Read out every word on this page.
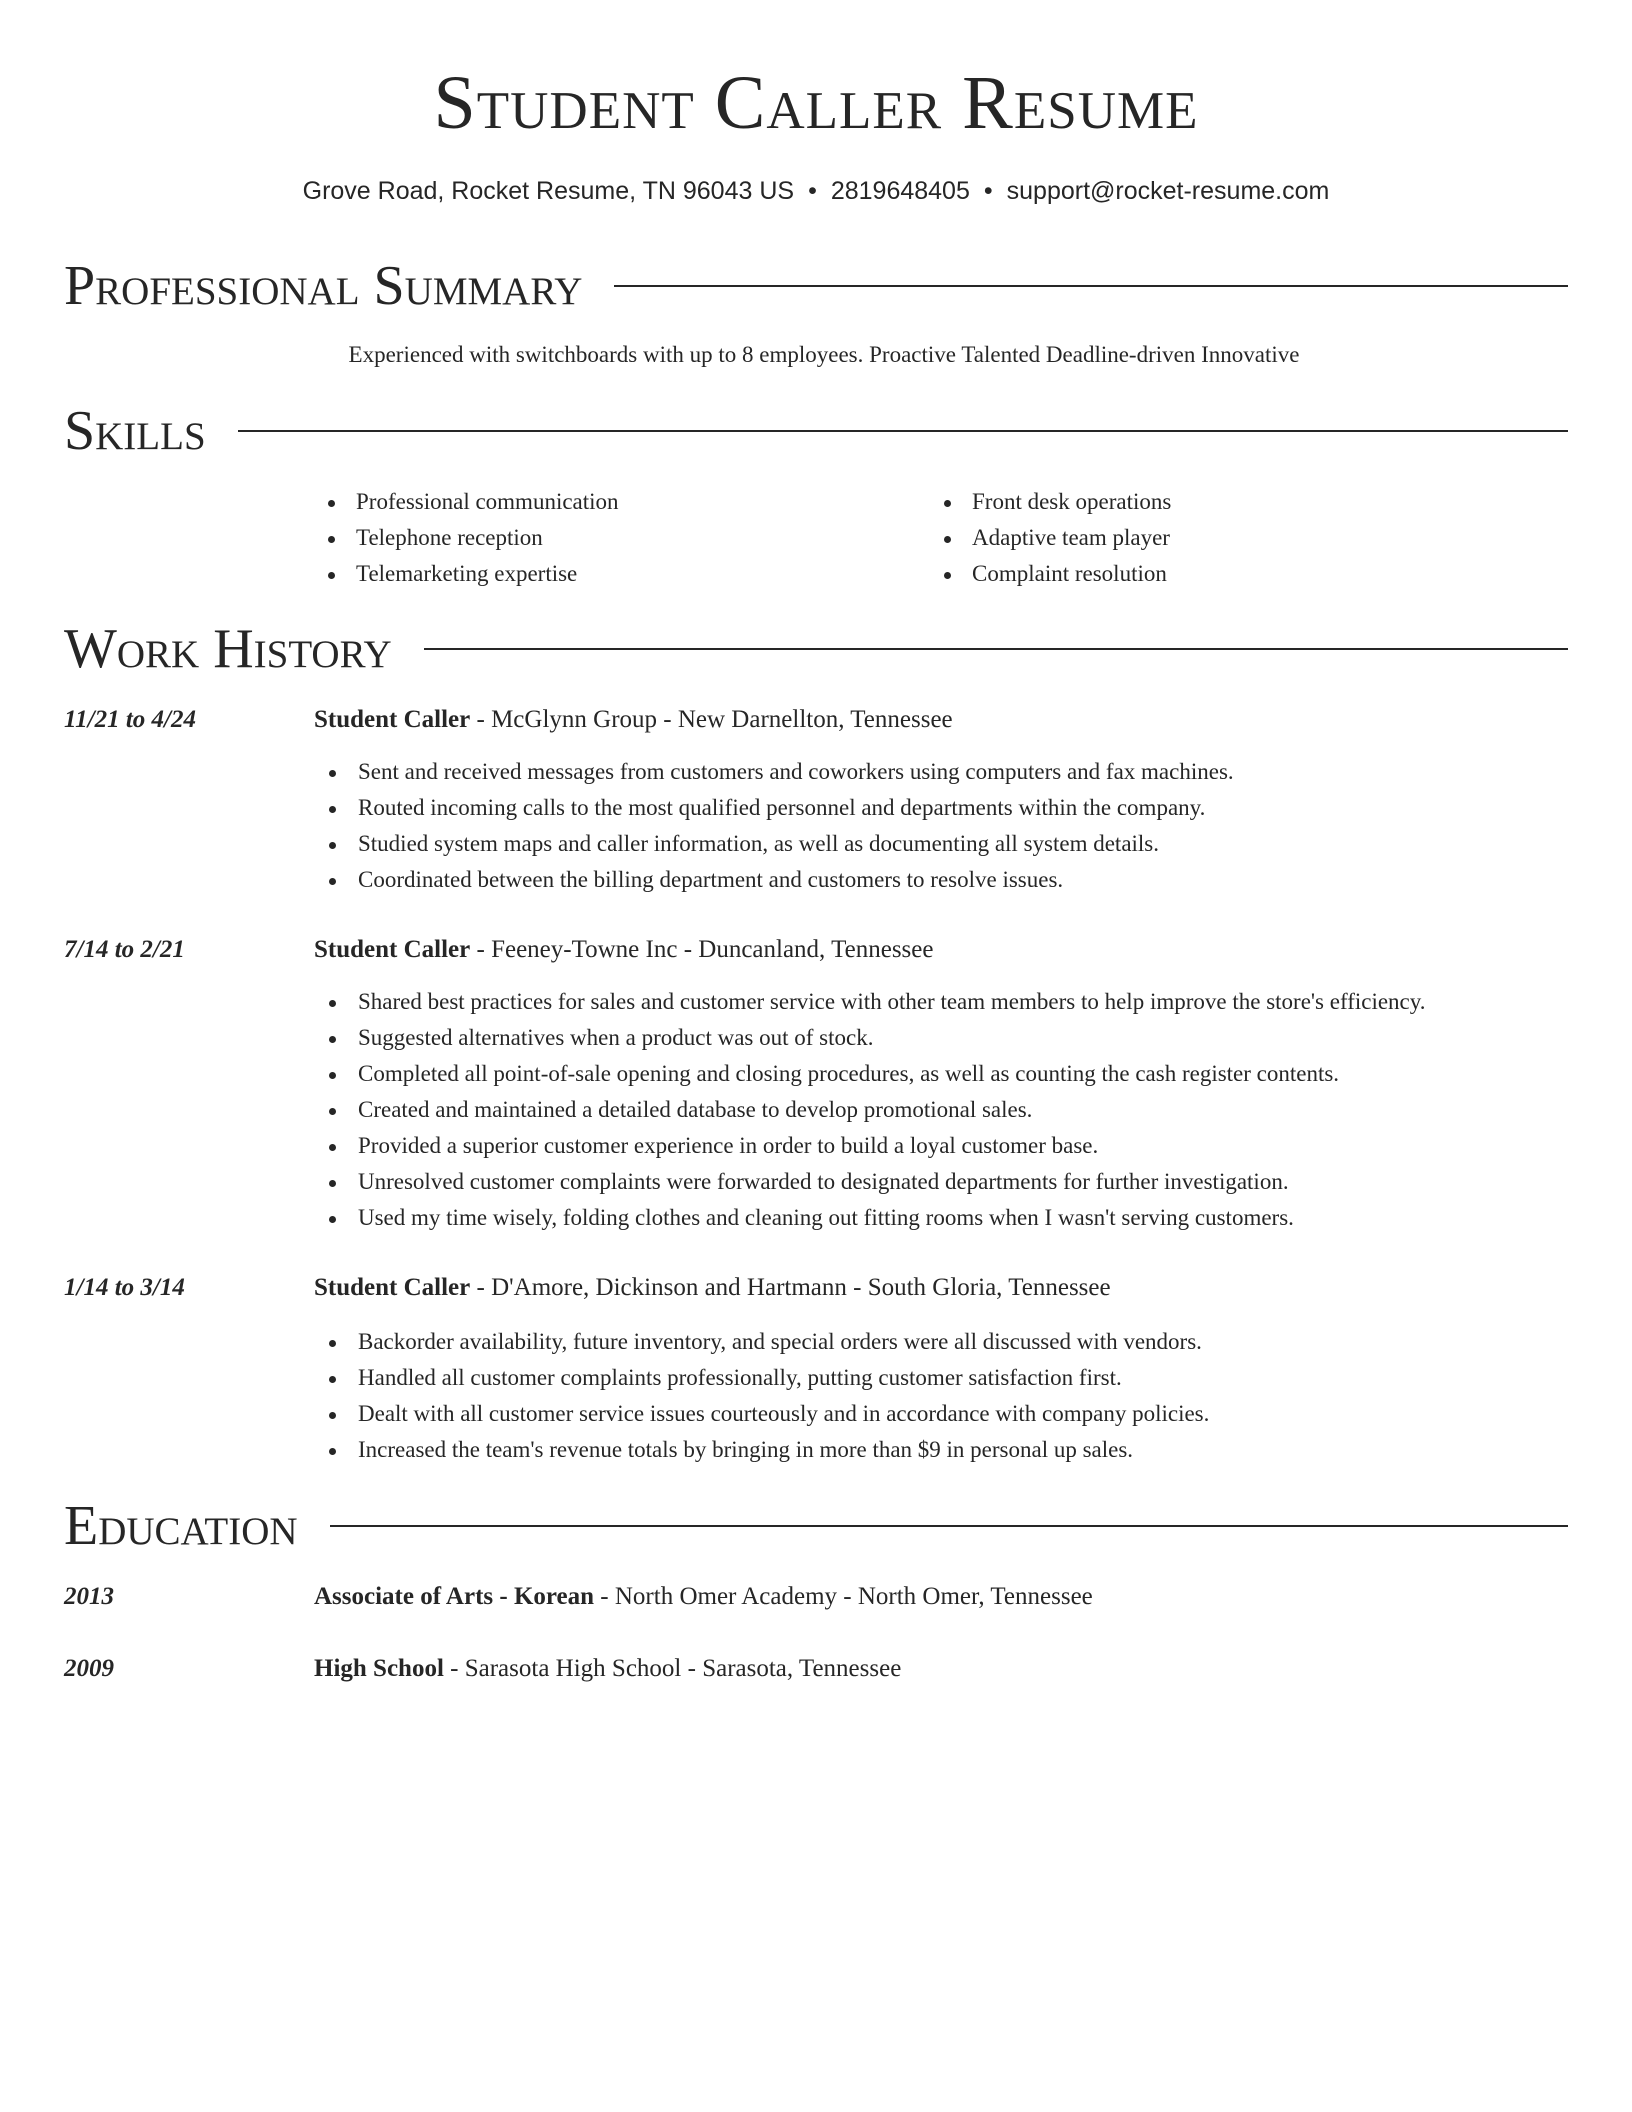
Student Caller Resume
Grove Road, Rocket Resume, TN 96043 US • 2819648405 • support@rocket-resume.com
Professional Summary

Experienced with switchboards with up to 8 employees. Proactive Talented Deadline-driven Innovative

Skills
Professional communication
Telephone reception
Telemarketing expertise
Front desk operations
Adaptive team player
Complaint resolution
Work History
11/21 to 4/24	Student Caller - McGlynn Group - New Darnellton, Tennessee
Sent and received messages from customers and coworkers using computers and fax machines.
Routed incoming calls to the most qualified personnel and departments within the company.
Studied system maps and caller information, as well as documenting all system details.
Coordinated between the billing department and customers to resolve issues.
7/14 to 2/21	Student Caller - Feeney-Towne Inc - Duncanland, Tennessee
Shared best practices for sales and customer service with other team members to help improve the store's efficiency.
Suggested alternatives when a product was out of stock.
Completed all point-of-sale opening and closing procedures, as well as counting the cash register contents.
Created and maintained a detailed database to develop promotional sales.
Provided a superior customer experience in order to build a loyal customer base.
Unresolved customer complaints were forwarded to designated departments for further investigation.
Used my time wisely, folding clothes and cleaning out fitting rooms when I wasn't serving customers.
1/14 to 3/14	Student Caller - D'Amore, Dickinson and Hartmann - South Gloria, Tennessee
Backorder availability, future inventory, and special orders were all discussed with vendors.
Handled all customer complaints professionally, putting customer satisfaction first.
Dealt with all customer service issues courteously and in accordance with company policies.
Increased the team's revenue totals by bringing in more than $9 in personal up sales.
Education
2013	Associate of Arts - Korean - North Omer Academy - North Omer, Tennessee
2009	High School - Sarasota High School - Sarasota, Tennessee
